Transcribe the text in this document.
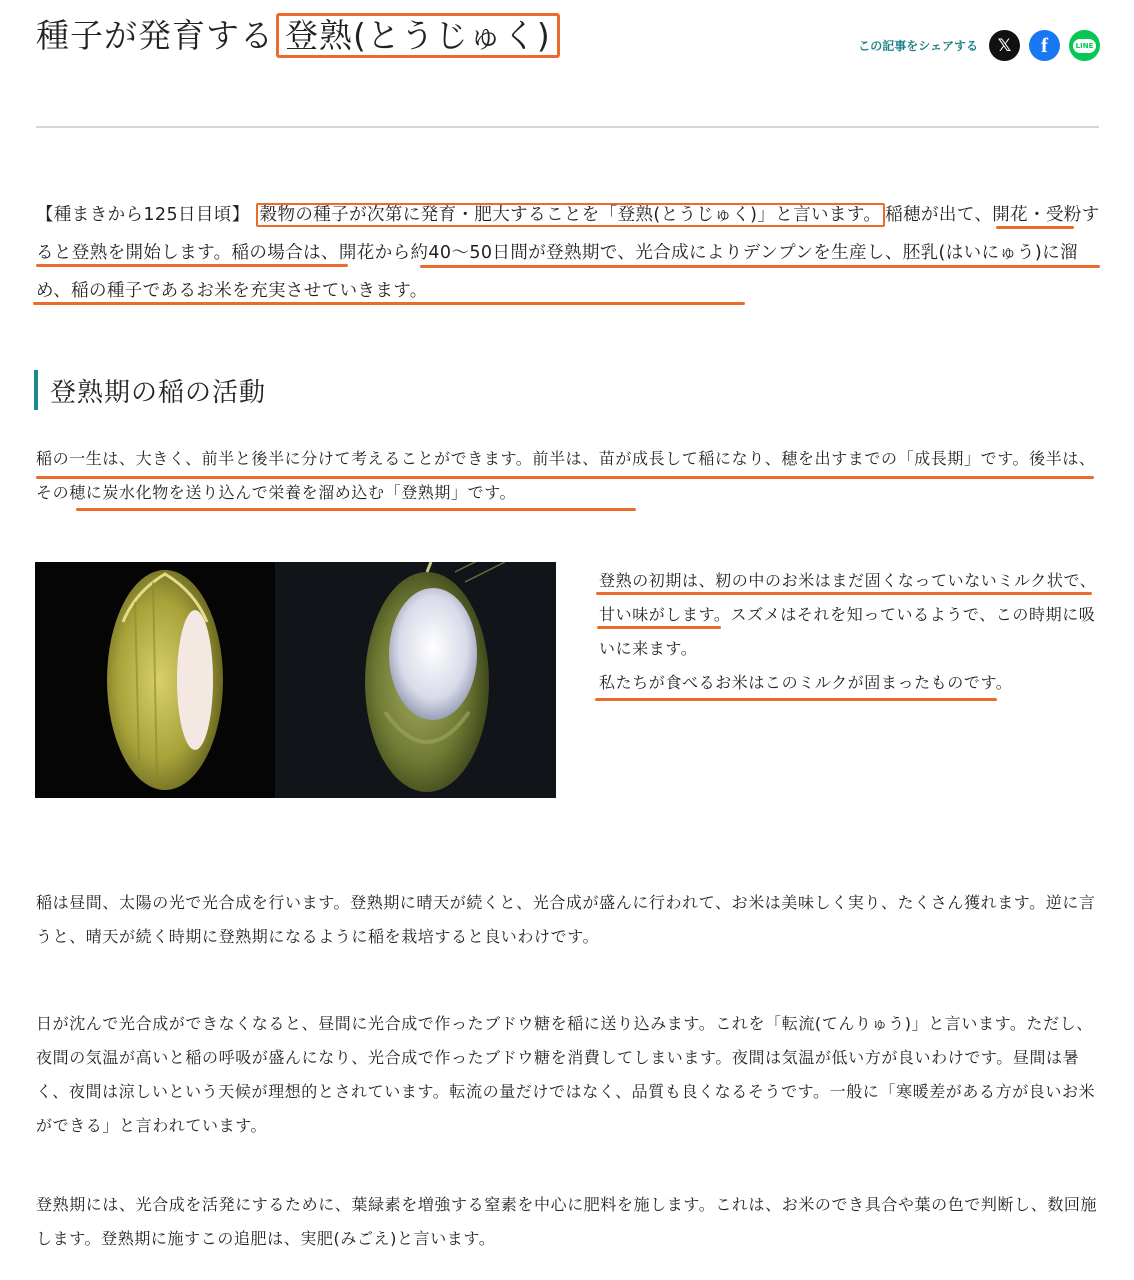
種子が発育する 登熟(とうじゅく)	この記事をシェアする	𝕏	f	LINE
【種まきから125日目頃】 穀物の種子が次第に発育・肥大することを「登熟(とうじゅく)」と言います。 稲穂が出て、開花・受粉すると登熟を開始します。稲の場合は、開花から約40〜50日間が登熟期で、光合成によりデンプンを生産し、胚乳(はいにゅう)に溜め、稲の種子であるお米を充実させていきます。
登熟期の稲の活動
稲の一生は、大きく、前半と後半に分けて考えることができます。前半は、苗が成長して稲になり、穂を出すまでの「成長期」です。後半は、その穂に炭水化物を送り込んで栄養を溜め込む「登熟期」です。
登熟の初期は、籾の中のお米はまだ固くなっていないミルク状で、甘い味がします。スズメはそれを知っているようで、この時期に吸いに来ます。
私たちが食べるお米はこのミルクが固まったものです。
稲は昼間、太陽の光で光合成を行います。登熟期に晴天が続くと、光合成が盛んに行われて、お米は美味しく実り、たくさん獲れます。逆に言うと、晴天が続く時期に登熟期になるように稲を栽培すると良いわけです。
日が沈んで光合成ができなくなると、昼間に光合成で作ったブドウ糖を稲に送り込みます。これを「転流(てんりゅう)」と言います。ただし、夜間の気温が高いと稲の呼吸が盛んになり、光合成で作ったブドウ糖を消費してしまいます。夜間は気温が低い方が良いわけです。昼間は暑く、夜間は涼しいという天候が理想的とされています。転流の量だけではなく、品質も良くなるそうです。一般に「寒暖差がある方が良いお米ができる」と言われています。
登熟期には、光合成を活発にするために、葉緑素を増強する窒素を中心に肥料を施します。これは、お米のでき具合や葉の色で判断し、数回施します。登熟期に施すこの追肥は、実肥(みごえ)と言います。
